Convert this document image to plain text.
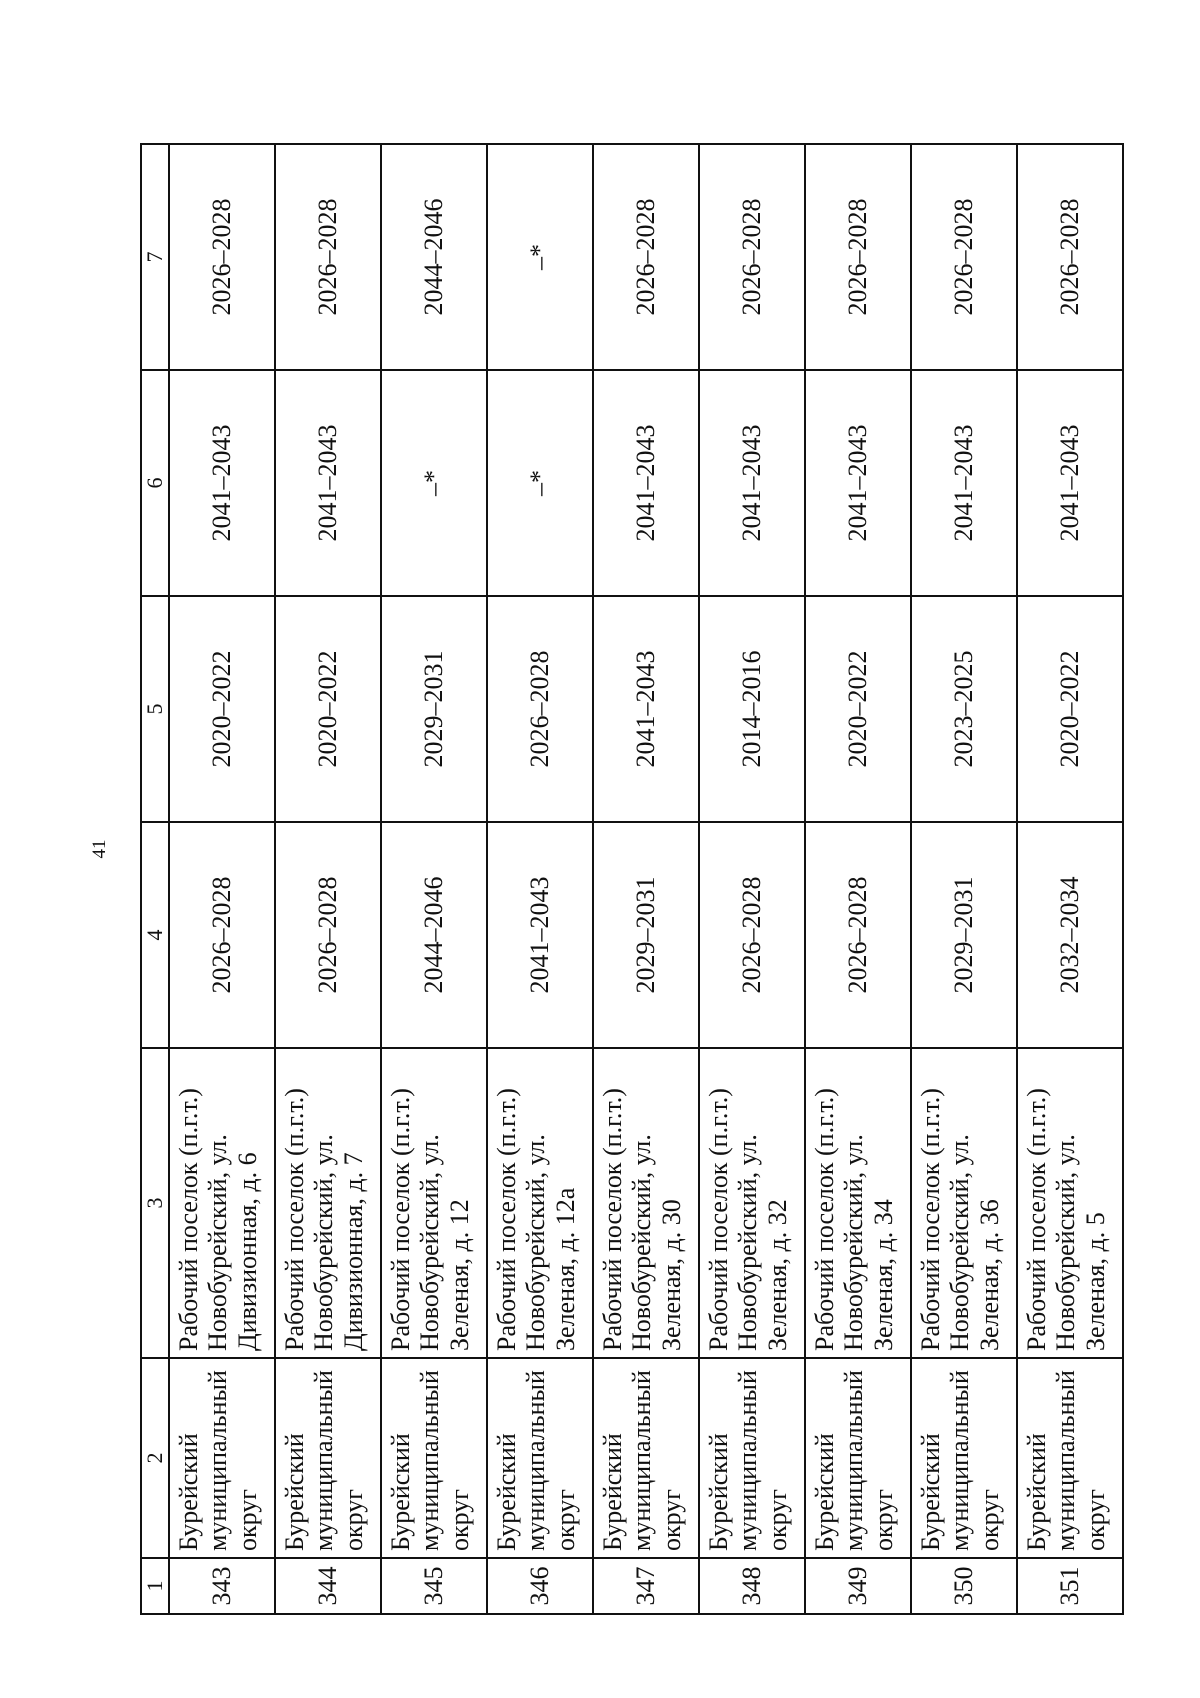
41
1	2	3	4	5	6	7
343	Бурейский муниципальный округ	Рабочий поселок (п.г.т.) Новобурейский, ул. Дивизионная, д. 6	2026–2028	2020–2022	2041–2043	2026–2028
344	Бурейский муниципальный округ	Рабочий поселок (п.г.т.) Новобурейский, ул. Дивизионная, д. 7	2026–2028	2020–2022	2041–2043	2026–2028
345	Бурейский муниципальный округ	Рабочий поселок (п.г.т.) Новобурейский, ул. Зеленая, д. 12	2044–2046	2029–2031	–*	2044–2046
346	Бурейский муниципальный округ	Рабочий поселок (п.г.т.) Новобурейский, ул. Зеленая, д. 12а	2041–2043	2026–2028	–*	–*
347	Бурейский муниципальный округ	Рабочий поселок (п.г.т.) Новобурейский, ул. Зеленая, д. 30	2029–2031	2041–2043	2041–2043	2026–2028
348	Бурейский муниципальный округ	Рабочий поселок (п.г.т.) Новобурейский, ул. Зеленая, д. 32	2026–2028	2014–2016	2041–2043	2026–2028
349	Бурейский муниципальный округ	Рабочий поселок (п.г.т.) Новобурейский, ул. Зеленая, д. 34	2026–2028	2020–2022	2041–2043	2026–2028
350	Бурейский муниципальный округ	Рабочий поселок (п.г.т.) Новобурейский, ул. Зеленая, д. 36	2029–2031	2023–2025	2041–2043	2026–2028
351	Бурейский муниципальный округ	Рабочий поселок (п.г.т.) Новобурейский, ул. Зеленая, д. 5	2032–2034	2020–2022	2041–2043	2026–2028
